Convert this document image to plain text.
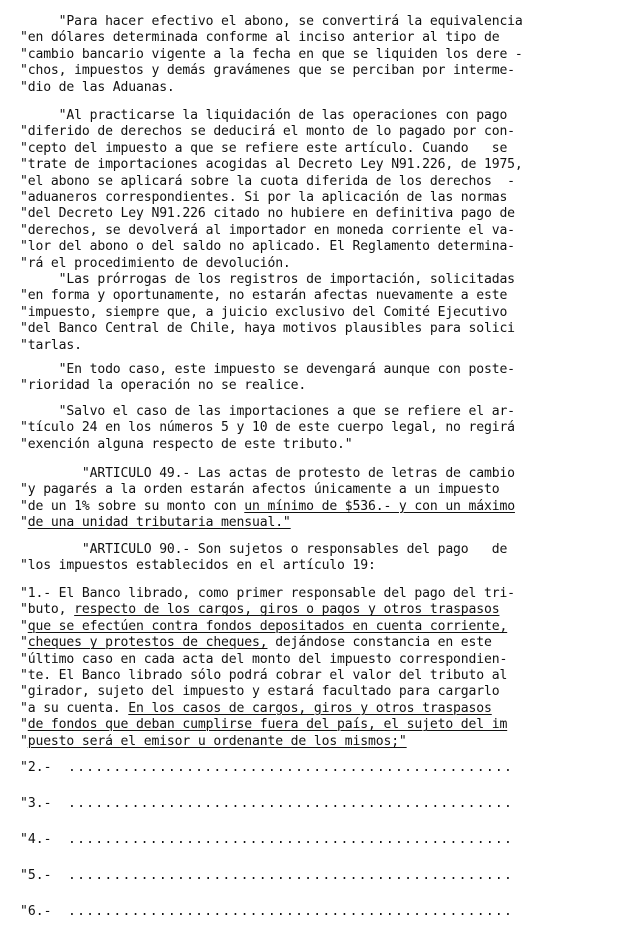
"Para hacer efectivo el abono, se convertirá la equivalencia
"en dólares determinada conforme al inciso anterior al tipo de
"cambio bancario vigente a la fecha en que se liquiden los dere -
"chos, impuestos y demás gravámenes que se perciban por interme-
"dio de las Aduanas.
"Al practicarse la liquidación de las operaciones con pago
"diferido de derechos se deducirá el monto de lo pagado por con-
"cepto del impuesto a que se refiere este artículo. Cuando   se
"trate de importaciones acogidas al Decreto Ley N91.226, de 1975,
"el abono se aplicará sobre la cuota diferida de los derechos  -
"aduaneros correspondientes. Si por la aplicación de las normas
"del Decreto Ley N91.226 citado no hubiere en definitiva pago de
"derechos, se devolverá al importador en moneda corriente el va-
"lor del abono o del saldo no aplicado. El Reglamento determina-
"rá el procedimiento de devolución.
"Las prórrogas de los registros de importación, solicitadas
"en forma y oportunamente, no estarán afectas nuevamente a este
"impuesto, siempre que, a juicio exclusivo del Comité Ejecutivo
"del Banco Central de Chile, haya motivos plausibles para solici
"tarlas.
"En todo caso, este impuesto se devengará aunque con poste-
"rioridad la operación no se realice.
"Salvo el caso de las importaciones a que se refiere el ar-
"tículo 24 en los números 5 y 10 de este cuerpo legal, no regirá
"exención alguna respecto de este tributo."
"ARTICULO 49.- Las actas de protesto de letras de cambio
"y pagarés a la orden estarán afectos únicamente a un impuesto
"de un 1% sobre su monto con un mínimo de $536.- y con un máximo
"de una unidad tributaria mensual."
"ARTICULO 90.- Son sujetos o responsables del pago   de
"los impuestos establecidos en el artículo 19:
"1.- El Banco librado, como primer responsable del pago del tri-
"buto, respecto de los cargos, giros o pagos y otros traspasos
"que se efectúen contra fondos depositados en cuenta corriente,
"cheques y protestos de cheques, dejándose constancia en este
"último caso en cada acta del monto del impuesto correspondien-
"te. El Banco librado sólo podrá cobrar el valor del tributo al
"girador, sujeto del impuesto y estará facultado para cargarlo
"a su cuenta. En los casos de cargos, giros y otros traspasos
"de fondos que deban cumplirse fuera del país, el sujeto del im
"puesto será el emisor u ordenante de los mismos;"
"2.- .................................................
"3.- .................................................
"4.- .................................................
"5.- .................................................
"6.- .................................................
